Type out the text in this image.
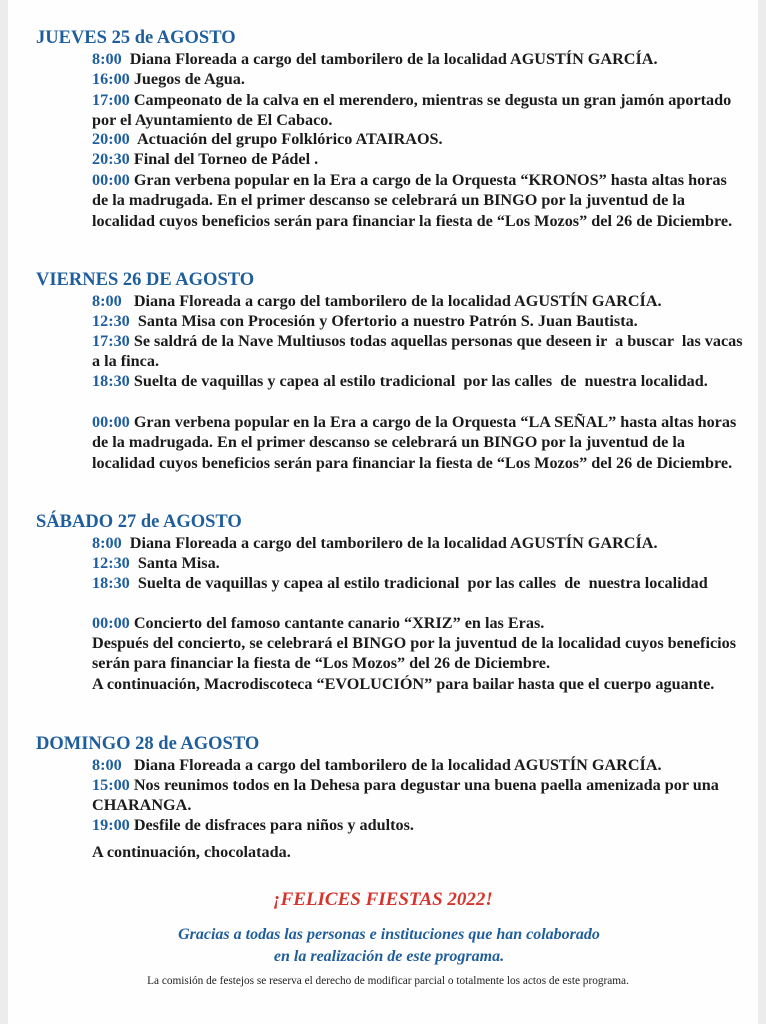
JUEVES 25 de AGOSTO

8:00  Diana Floreada a cargo del tamborilero de la localidad AGUSTÍN GARCÍA.

16:00 Juegos de Agua.

17:00 Campeonato de la calva en el merendero, mientras se degusta un gran jamón aportado por el Ayuntamiento de El Cabaco.

20:00  Actuación del grupo Folklórico ATAIRAOS.

20:30 Final del Torneo de Pádel .

00:00 Gran verbena popular en la Era a cargo de la Orquesta “KRONOS” hasta altas horas de la madrugada. En el primer descanso se celebrará un BINGO por la juventud de la localidad cuyos beneficios serán para financiar la fiesta de “Los Mozos” del 26 de Diciembre.

VIERNES 26 DE AGOSTO

8:00   Diana Floreada a cargo del tamborilero de la localidad AGUSTÍN GARCÍA.

12:30  Santa Misa con Procesión y Ofertorio a nuestro Patrón S. Juan Bautista.

17:30 Se saldrá de la Nave Multiusos todas aquellas personas que deseen ir  a buscar  las vacas a la finca.

18:30 Suelta de vaquillas y capea al estilo tradicional  por las calles  de  nuestra localidad.

00:00 Gran verbena popular en la Era a cargo de la Orquesta “LA SEÑAL” hasta altas horas de la madrugada. En el primer descanso se celebrará un BINGO por la juventud de la localidad cuyos beneficios serán para financiar la fiesta de “Los Mozos” del 26 de Diciembre.

SÁBADO 27 de AGOSTO

8:00  Diana Floreada a cargo del tamborilero de la localidad AGUSTÍN GARCÍA.

12:30  Santa Misa.

18:30  Suelta de vaquillas y capea al estilo tradicional  por las calles  de  nuestra localidad

00:00 Concierto del famoso cantante canario “XRIZ” en las Eras.

Después del concierto, se celebrará el BINGO por la juventud de la localidad cuyos beneficios serán para financiar la fiesta de “Los Mozos” del 26 de Diciembre.

A continuación, Macrodiscoteca “EVOLUCIÓN” para bailar hasta que el cuerpo aguante.

DOMINGO 28 de AGOSTO

8:00   Diana Floreada a cargo del tamborilero de la localidad AGUSTÍN GARCÍA.

15:00 Nos reunimos todos en la Dehesa para degustar una buena paella amenizada por una CHARANGA.

19:00 Desfile de disfraces para niños y adultos.

A continuación, chocolatada.

¡FELICES FIESTAS 2022!

Gracias a todas las personas e instituciones que han colaborado

en la realización de este programa.

La comisión de festejos se reserva el derecho de modificar parcial o totalmente los actos de este programa.
